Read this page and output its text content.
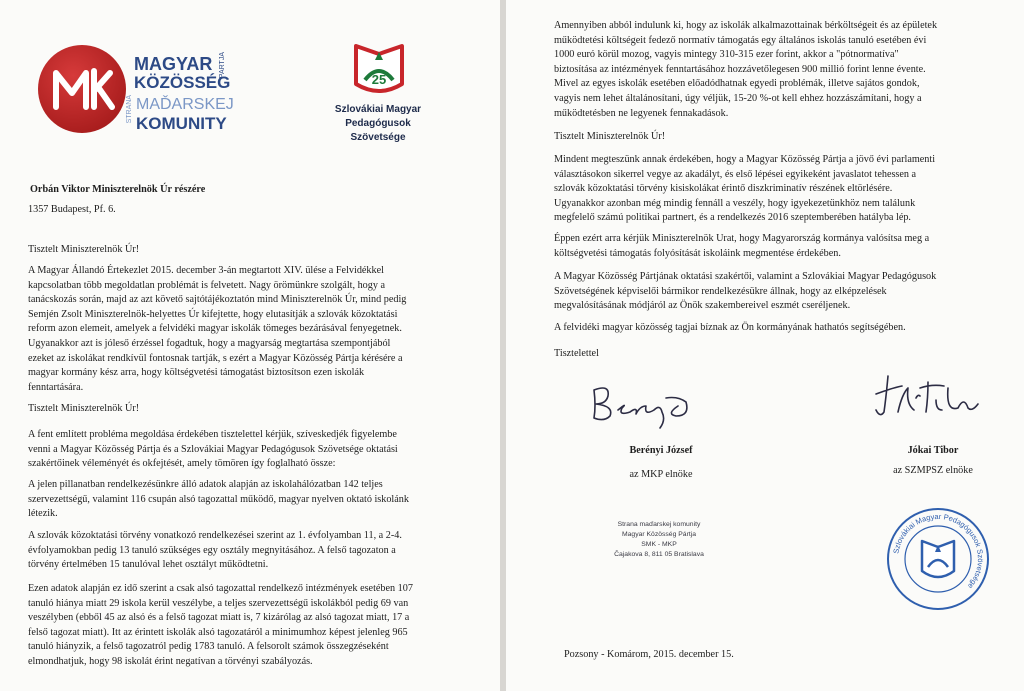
MAGYAR
KÖZÖSSÉG
PARTJA
STRANA MAĎARSKEJ
KOMUNITY
25
Szlovákiai Magyar
Pedagógusok Szövetsége
Orbán Viktor Miniszterelnök Úr részére
1357 Budapest, Pf. 6.
Tisztelt Miniszterelnök Úr!
A Magyar Állandó Értekezlet 2015. december 3-án megtartott XIV. ülése a Felvidékkel
kapcsolatban több megoldatlan problémát is felvetett. Nagy örömünkre szolgált, hogy a
tanácskozás során, majd az azt követő sajtótájékoztatón mind Miniszterelnök Úr, mind pedig
Semjén Zsolt Miniszterelnök-helyettes Úr kifejtette, hogy elutasítják a szlovák közoktatási
reform azon elemeit, amelyek a felvidéki magyar iskolák tömeges bezárásával fenyegetnek.
Ugyanakkor azt is jóleső érzéssel fogadtuk, hogy a magyarság megtartása szempontjából
ezeket az iskolákat rendkívül fontosnak tartják, s ezért a Magyar Közösség Pártja kérésére a
magyar kormány kész arra, hogy költségvetési támogatást biztosítson ezen iskolák
fenntartására.
Tisztelt Miniszterelnök Úr!
A fent említett probléma megoldása érdekében tisztelettel kérjük, szíveskedjék figyelembe
venni a Magyar Közösség Pártja és a Szlovákiai Magyar Pedagógusok Szövetsége oktatási
szakértőinek véleményét és okfejtését, amely tömören így foglalható össze:
A jelen pillanatban rendelkezésünkre álló adatok alapján az iskolahálózatban 142 teljes
szervezettségű, valamint 116 csupán alsó tagozattal működő, magyar nyelven oktató iskolánk
létezik.
A szlovák közoktatási törvény vonatkozó rendelkezései szerint az 1. évfolyamban 11, a 2-4.
évfolyamokban pedig 13 tanuló szükséges egy osztály megnyitásához. A felső tagozaton a
törvény értelmében 15 tanulóval lehet osztályt működtetni.
Ezen adatok alapján ez idő szerint a csak alsó tagozattal rendelkező intézmények esetében 107
tanuló hiánya miatt 29 iskola kerül veszélybe, a teljes szervezettségű iskolákból pedig 69 van
veszélyben (ebből 45 az alsó és a felső tagozat miatt is, 7 kizárólag az alsó tagozat miatt, 17 a
felső tagozat miatt). Itt az érintett iskolák alsó tagozatáról a minimumhoz képest jelenleg 965
tanuló hiányzik, a felső tagozatról pedig 1783 tanuló. A felsorolt számok összegzéseként
elmondhatjuk, hogy 98 iskolát érint negatívan a törvényi szabályozás.
Amennyiben abból indulunk ki, hogy az iskolák alkalmazottainak bérköltségeit és az épületek
működtetési költségeit fedező normatív támogatás egy általános iskolás tanuló esetében évi
1000 euró körül mozog, vagyis mintegy 310-315 ezer forint, akkor a "pótnormatíva"
biztosítása az intézmények fenntartásához hozzávetőlegesen 900 millió forint lenne évente.
Mivel az egyes iskolák esetében előadódhatnak egyedi problémák, illetve sajátos gondok,
vagyis nem lehet általánosítani, úgy véljük, 15-20 %-ot kell ehhez hozzászámítani, hogy a
működtetésben ne legyenek fennakadások.
Tisztelt Miniszterelnök Úr!
Mindent megteszünk annak érdekében, hogy a Magyar Közösség Pártja a jövő évi parlamenti
választásokon sikerrel vegye az akadályt, és első lépései egyikeként javaslatot tehessen a
szlovák közoktatási törvény kisiskolákat érintő diszkriminatív részének eltörlésére.
Ugyanakkor azonban még mindig fennáll a veszély, hogy igyekezetünkhöz nem találunk
megfelelő számú politikai partnert, és a rendelkezés 2016 szeptemberében hatályba lép.
Éppen ezért arra kérjük Miniszterelnök Urat, hogy Magyarország kormánya valósítsa meg a
költségvetési támogatás folyósítását iskoláink megmentése érdekében.
A Magyar Közösség Pártjának oktatási szakértői, valamint a Szlovákiai Magyar Pedagógusok
Szövetségének képviselői bármikor rendelkezésükre állnak, hogy az elképzelések
megvalósításának módjáról az Önök szakembereivel eszmét cseréljenek.
A felvidéki magyar közösség tagjai bíznak az Ön kormányának hathatós segítségében.
Tisztelettel
Berényi József
az MKP elnöke
Jókai Tibor
az SZMPSZ elnöke
Strana maďarskej komunity
Magyar Közösség Pártja
SMK - MKP
Čajakova 8, 811 05 Bratislava	Szlovákiai Magyar Pedagógusok Szövetsége
Pozsony - Komárom, 2015. december 15.
